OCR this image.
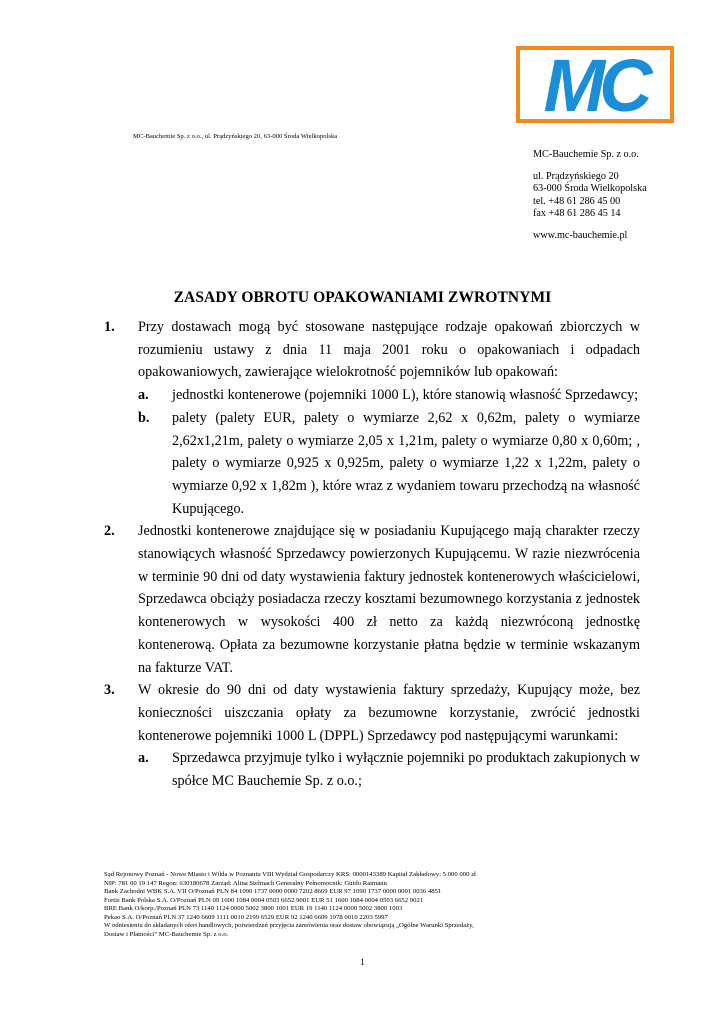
MC
MC-Bauchemie Sp. z o.o., ul. Prądzyńskiego 20, 63-000 Środa Wielkopolska
MC-Bauchemie Sp. z o.o.
ul. Prądzyńskiego 20
63-000 Środa Wielkopolska
tel. +48 61 286 45 00
fax +48 61 286 45 14
www.mc-bauchemie.pl
ZASADY OBROTU OPAKOWANIAMI ZWROTNYMI
1. Przy dostawach mogą być stosowane następujące rodzaje opakowań zbiorczych w rozumieniu ustawy z dnia 11 maja 2001 roku o opakowaniach i odpadach opakowaniowych, zawierające wielokrotność pojemników lub opakowań:

a. jednostki kontenerowe (pojemniki 1000 L), które stanowią własność Sprzedawcy;

b. palety (palety EUR, palety o wymiarze 2,62 x 0,62m, palety o wymiarze 2,62x1,21m, palety o wymiarze 2,05 x 1,21m, palety o wymiarze 0,80 x 0,60m; , palety o wymiarze 0,925 x 0,925m, palety o wymiarze 1,22 x 1,22m, palety o wymiarze 0,92 x 1,82m ), które wraz z wydaniem towaru przechodzą na własność Kupującego.

2. Jednostki kontenerowe znajdujące się w posiadaniu Kupującego mają charakter rzeczy stanowiących własność Sprzedawcy powierzonych Kupującemu. W razie niezwrócenia w terminie 90 dni od daty wystawienia faktury jednostek kontenerowych właścicielowi, Sprzedawca obciąży posiadacza rzeczy kosztami bezumownego korzystania z jednostek kontenerowych w wysokości 400 zł netto za każdą niezwróconą jednostkę kontenerową. Opłata za bezumowne korzystanie płatna będzie w terminie wskazanym na fakturze VAT.

3. W okresie do 90 dni od daty wystawienia faktury sprzedaży, Kupujący może, bez konieczności uiszczania opłaty za bezumowne korzystanie, zwrócić jednostki kontenerowe pojemniki 1000 L (DPPL) Sprzedawcy pod następującymi warunkami:

a. Sprzedawca przyjmuje tylko i wyłącznie pojemniki po produktach zakupionych w spółce MC Bauchemie Sp. z o.o.;

Sąd Rejonowy Poznań - Nowe Miasto i Wilda w Poznaniu VIII Wydział Gospodarczy KRS: 0000143389 Kapitał Zakładowy: 5 000 000 zł
NIP: 781 00 19 147 Regon: 630180678 Zarząd: Alina Stelmach Generalny Pełnomocnik: Guido Raimann
Bank Zachodni WBK S.A. VII O/Poznań PLN 84 1090 1737 0000 0000 7202 8669 EUR 97 1090 1737 0000 0001 0036 4851
Fortis Bank Polska S.A. O/Poznań PLN 09 1600 1084 0004 0503 6652 9001 EUR 51 1600 1084 0004 0503 6652 9021
BRE Bank O/korp./Poznań PLN 73 1140 1124 0000 5002 3800 1001 EUR 19 1140 1124 0000 5002 3800 1003
Pekao S.A. O/Poznań PLN 37 1240 6609 1111 0010 2199 6529 EUR 92 1240 6609 1978 0010 2203 5997
W odniesieniu do składanych ofert handlowych, potwierdzeń przyjęcia zamówienia oraz dostaw obowiązują „Ogólne Warunki Sprzedaży,
Dostaw i Płatności” MC-Bauchemie Sp. z o.o.
1
